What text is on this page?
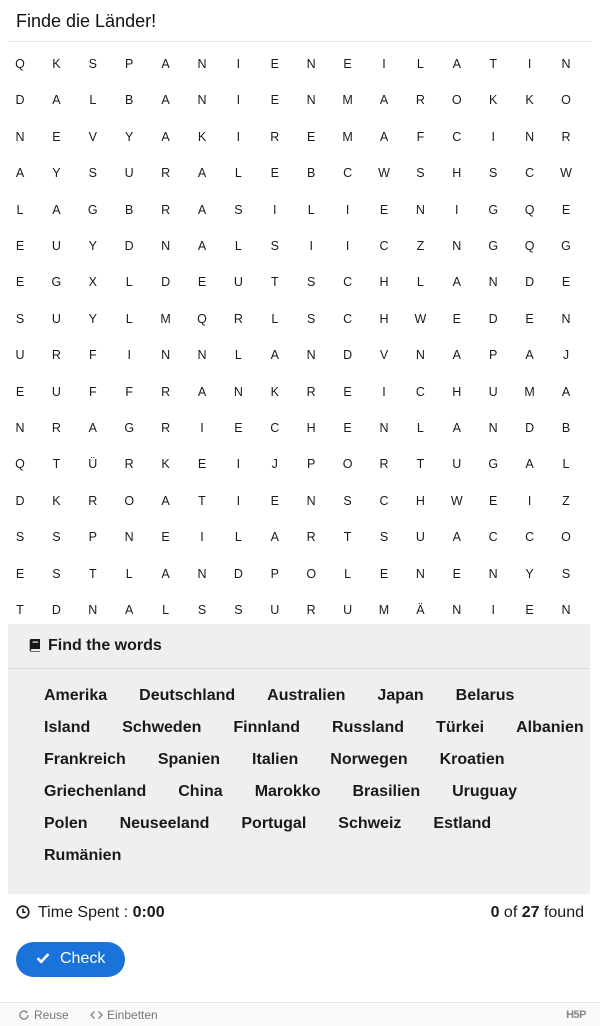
Finde die Länder!
Q	K	S	P	A	N	I	E	N	E	I	L	A	T	I	N
D	A	L	B	A	N	I	E	N	M	A	R	O	K	K	O
N	E	V	Y	A	K	I	R	E	M	A	F	C	I	N	R
A	Y	S	U	R	A	L	E	B	C	W	S	H	S	C	W
L	A	G	B	R	A	S	I	L	I	E	N	I	G	Q	E
E	U	Y	D	N	A	L	S	I	I	C	Z	N	G	Q	G
E	G	X	L	D	E	U	T	S	C	H	L	A	N	D	E
S	U	Y	L	M	Q	R	L	S	C	H	W	E	D	E	N
U	R	F	I	N	N	L	A	N	D	V	N	A	P	A	J
E	U	F	F	R	A	N	K	R	E	I	C	H	U	M	A
N	R	A	G	R	I	E	C	H	E	N	L	A	N	D	B
Q	T	Ü	R	K	E	I	J	P	O	R	T	U	G	A	L
D	K	R	O	A	T	I	E	N	S	C	H	W	E	I	Z
S	S	P	N	E	I	L	A	R	T	S	U	A	C	C	O
E	S	T	L	A	N	D	P	O	L	E	N	E	N	Y	S
T	D	N	A	L	S	S	U	R	U	M	Ä	N	I	E	N
Find the words
Amerika Deutschland Australien Japan Belarus
Island Schweden Finnland Russland Türkei Albanien
Frankreich Spanien Italien Norwegen Kroatien
Griechenland China Marokko Brasilien Uruguay
Polen Neuseeland Portugal Schweiz Estland
Rumänien
Time Spent : 0:00	0 of 27 found
Check
Reuse	Einbetten	H5P
